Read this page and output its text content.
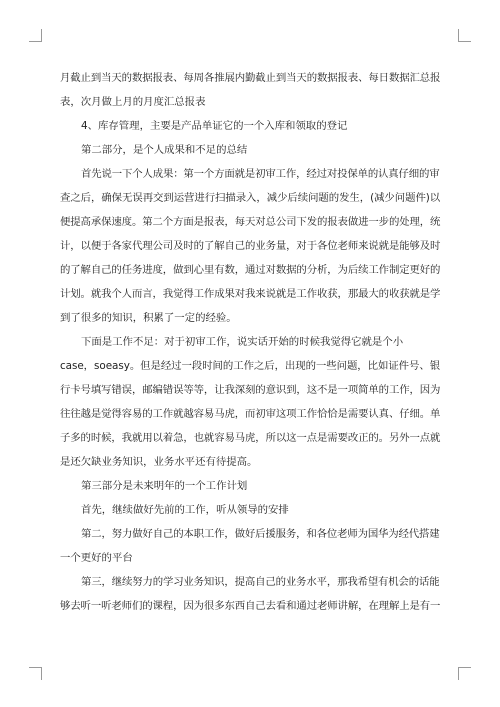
月截止到当天的数据报表、每周各推展内勤截止到当天的数据报表、每日数据汇总报

表，次月做上月的月度汇总报表

4、库存管理，主要是产品单证它的一个入库和领取的登记

第二部分，是个人成果和不足的总结

首先说一下个人成果：第一个方面就是初审工作，经过对投保单的认真仔细的审

查之后，确保无误再交到运营进行扫描录入，减少后续问题的发生，(减少问题件)以

便提高承保速度。第二个方面是报表，每天对总公司下发的报表做进一步的处理，统

计，以便于各家代理公司及时的了解自己的业务量，对于各位老师来说就是能够及时

的了解自己的任务进度，做到心里有数，通过对数据的分析，为后续工作制定更好的

计划。就我个人而言，我觉得工作成果对我来说就是工作收获，那最大的收获就是学

到了很多的知识，积累了一定的经验。

下面是工作不足：对于初审工作，说实话开始的时候我觉得它就是个小

case，soeasy。但是经过一段时间的工作之后，出现的一些问题，比如证件号、银

行卡号填写错误，邮编错误等等，让我深刻的意识到，这不是一项简单的工作，因为

往往越是觉得容易的工作就越容易马虎，而初审这项工作恰恰是需要认真、仔细。单

子多的时候，我就用以着急，也就容易马虎，所以这一点是需要改正的。另外一点就

是还欠缺业务知识，业务水平还有待提高。

第三部分是未来明年的一个工作计划

首先，继续做好先前的工作，听从领导的安排

第二，努力做好自己的本职工作，做好后援服务，和各位老师为国华为经代搭建

一个更好的平台

第三，继续努力的学习业务知识，提高自己的业务水平，那我希望有机会的话能

够去听一听老师们的课程，因为很多东西自己去看和通过老师讲解，在理解上是有一
